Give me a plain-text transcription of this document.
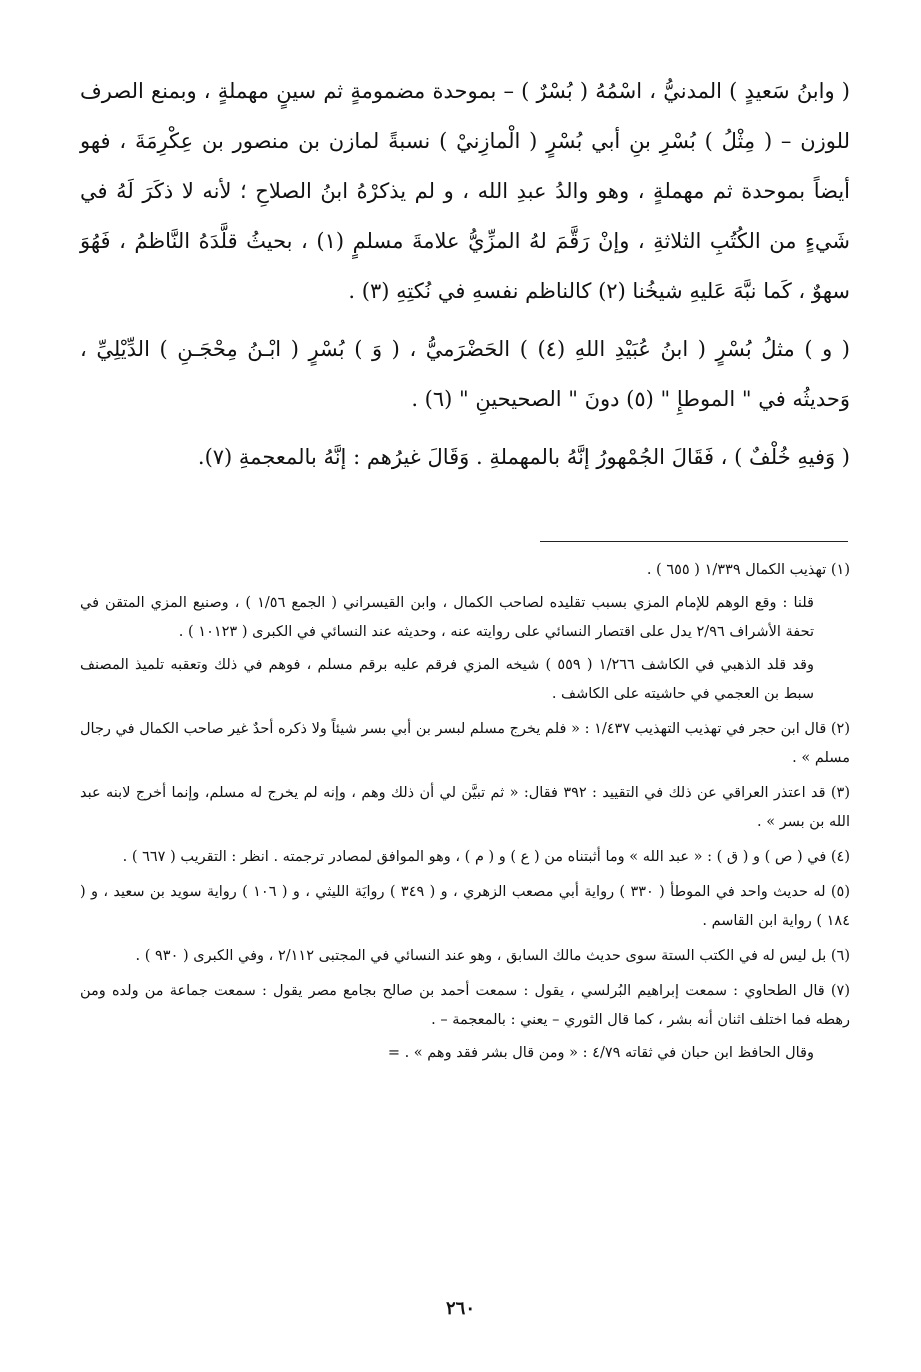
( وابنُ سَعيدٍ ) المدنيُّ ، اسْمُهُ ( بُسْرٌ ) – بموحدة مضمومةٍ ثم سينٍ مهملةٍ ، وبمنع الصرف للوزن – ( مِثْلُ ) بُسْرِ بنِ أبي بُسْرٍ ( الْمازِنيْ ) نسبةً لمازن بن منصور بن عِكْرِمَةَ ، فهو أيضاً بموحدة ثم مهملةٍ ، وهو والدُ عبدِ الله ، و لم يذكرْهُ ابنُ الصلاحِ ؛ لأنه لا ذكَرَ لَهُ في شَيءٍ من الكُتُبِ الثلاثةِ ، وإنْ رَقَّمَ لهُ المزِّيُّ علامةَ مسلمٍ (١) ، بحيثُ قلَّدَهُ النَّاظمُ ، فَهُوَ سهوٌ ، كَما نبَّهَ عَليهِ شيخُنا (٢) كالناظم نفسهِ في نُكتِهِ (٣) .

( و ) مثلُ بُسْرٍ ( ابنُ عُبَيْدِ اللهِ (٤) ) الحَضْرَميُّ ، ( وَ ) بُسْرٍ ( ابْـنُ مِحْجَـنِ ) الدِّيْلِيِّ ، وَحديثُه في " الموطإِ " (٥) دونَ " الصحيحينِ " (٦) .

( وَفيهِ خُلْفٌ ) ، فَقَالَ الجُمْهورُ إنَّهُ بالمهملةِ . وَقَالَ غيرُهم : إنَّهُ بالمعجمةِ (٧).

(١) تهذيب الكمال ١/٣٣٩ ( ٦٥٥ ) .
قلنا : وقع الوهم للإمام المزي بسبب تقليده لصاحب الكمال ، وابن القيسراني ( الجمع ١/٥٦ ) ، وصنيع المزي المتقن في تحفة الأشراف ٢/٩٦ يدل على اقتصار النسائي على روايته عنه ، وحديثه عند النسائي في الكبرى ( ١٠١٢٣ ) .
وقد قلد الذهبي في الكاشف ١/٢٦٦ ( ٥٥٩ ) شيخه المزي فرقم عليه برقم مسلم ، فوهم في ذلك وتعقبه تلميذ المصنف سبط بن العجمي في حاشيته على الكاشف .
(٢) قال ابن حجر في تهذيب التهذيب ١/٤٣٧ : « فلم يخرج مسلم لبسر بن أبي بسر شيئاً ولا ذكره أحدٌ غير صاحب الكمال في رجال مسلم » .
(٣) قد اعتذر العراقي عن ذلك في التقييد : ٣٩٢ فقال: « ثم تبيَّن لي أن ذلك وهم ، وإنه لم يخرج له مسلم، وإنما أخرج لابنه عبد الله بن بسر » .
(٤) في ( ص ) و ( ق ) : « عبد الله » وما أثبتناه من ( ع ) و ( م ) ، وهو الموافق لمصادر ترجمته . انظر : التقريب ( ٦٦٧ ) .
(٥) له حديث واحد في الموطأ ( ٣٣٠ ) رواية أبي مصعب الزهري ، و ( ٣٤٩ ) روايَة الليثي ، و ( ١٠٦ ) رواية سويد بن سعيد ، و ( ١٨٤ ) رواية ابن القاسم .
(٦) بل ليس له في الكتب الستة سوى حديث مالك السابق ، وهو عند النسائي في المجتبى ٢/١١٢ ، وفي الكبرى ( ٩٣٠ ) .
(٧) قال الطحاوي : سمعت إبراهيم البُرلسي ، يقول : سمعت أحمد بن صالح بجامع مصر يقول : سمعت جماعة من ولده ومن رهطه فما اختلف اثنان أنه بشر ، كما قال الثوري – يعني : بالمعجمة – .
وقال الحافظ ابن حبان في ثقاته ٤/٧٩ : « ومن قال بشر فقد وهم » . =
٢٦٠
